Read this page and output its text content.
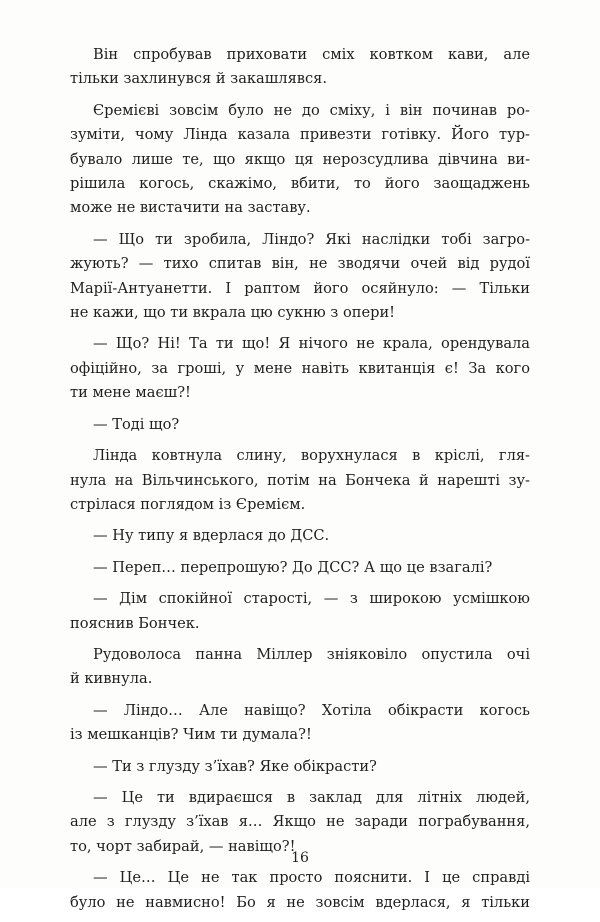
Він спробував приховати сміх ковтком кави, але
тільки захлинувся й закашлявся.
Єремієві зовсім було не до сміху, і він починав ро-
зуміти, чому Лінда казала привезти готівку. Його тур-
бувало лише те, що якщо ця нерозсудлива дівчина ви-
рішила когось, скажімо, вбити, то його заощаджень
може не вистачити на заставу.
— Що ти зробила, Ліндо? Які наслідки тобі загро-
жують? — тихо спитав він, не зводячи очей від рудої
Марії-Антуанетти. І раптом його осяйнуло: — Тільки
не кажи, що ти вкрала цю сукню з опери!
— Що? Ні! Та ти що! Я нічого не крала, орендувала
офіційно, за гроші, у мене навіть квитанція є! За кого
ти мене маєш?!
— Тоді що?
Лінда ковтнула слину, ворухнулася в кріслі, гля-
нула на Вільчинського, потім на Бончека й нарешті зу-
стрілася поглядом із Єремієм.
— Ну типу я вдерлася до ДСС.
— Переп… перепрошую? До ДСС? А що це взагалі?
— Дім спокійної старості, — з широкою усмішкою
пояснив Бончек.
Рудоволоса панна Міллер зніяковіло опустила очі
й кивнула.
— Ліндо… Але навіщо? Хотіла обікрасти когось
із мешканців? Чим ти думала?!
— Ти з глузду з’їхав? Яке обікрасти?
— Це ти вдираєшся в заклад для літніх людей,
але з глузду з’їхав я… Якщо не заради пограбування,
то, чорт забирай, — навіщо?!
— Це… Це не так просто пояснити. І це справді
було не навмисно! Бо я не зовсім вдерлася, я тільки
16
